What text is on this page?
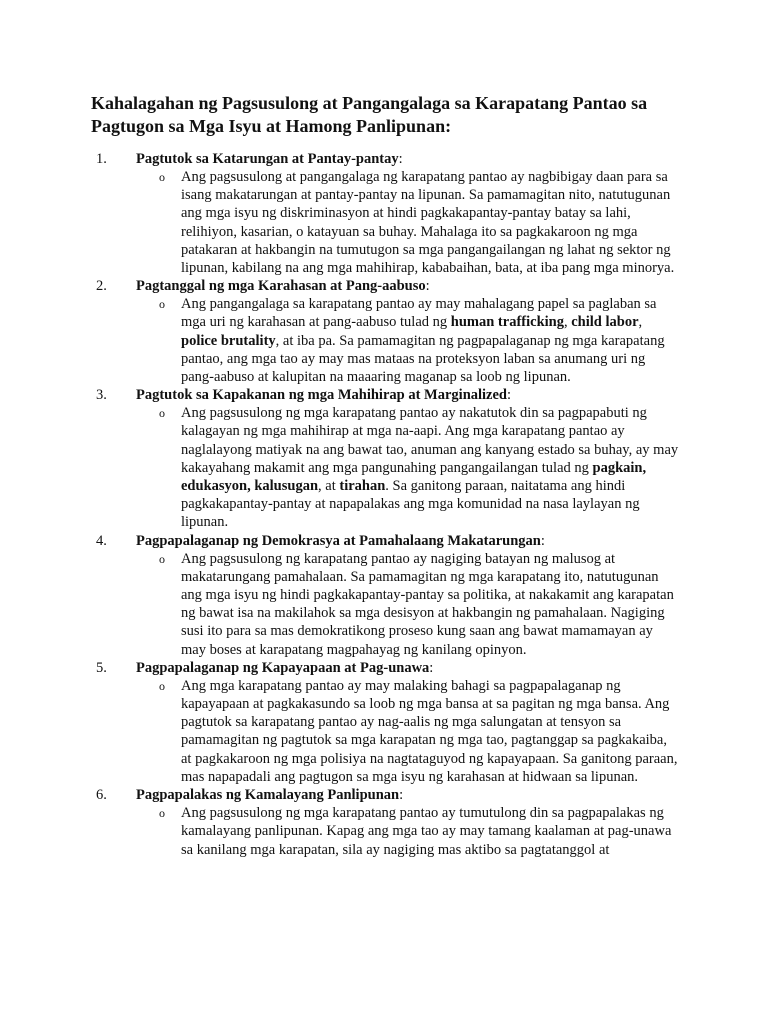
Kahalagahan ng Pagsusulong at Pangangalaga sa Karapatang Pantao sa Pagtugon sa Mga Isyu at Hamong Panlipunan:
1.	Pagtutok sa Katarungan at Pantay-pantay:
o Ang pagsusulong at pangangalaga ng karapatang pantao ay nagbibigay daan para sa isang makatarungan at pantay-pantay na lipunan. Sa pamamagitan nito, natutugunan ang mga isyu ng diskriminasyon at hindi pagkakapantay-pantay batay sa lahi, relihiyon, kasarian, o katayuan sa buhay. Mahalaga ito sa pagkakaroon ng mga patakaran at hakbangin na tumutugon sa mga pangangailangan ng lahat ng sektor ng lipunan, kabilang na ang mga mahihirap, kababaihan, bata, at iba pang mga minorya.
2.	Pagtanggal ng mga Karahasan at Pang-aabuso:
o Ang pangangalaga sa karapatang pantao ay may mahalagang papel sa paglaban sa mga uri ng karahasan at pang-aabuso tulad ng human trafficking, child labor, police brutality, at iba pa. Sa pamamagitan ng pagpapalaganap ng mga karapatang pantao, ang mga tao ay may mas mataas na proteksyon laban sa anumang uri ng pang-aabuso at kalupitan na maaaring maganap sa loob ng lipunan.
3.	Pagtutok sa Kapakanan ng mga Mahihirap at Marginalized:
o Ang pagsusulong ng mga karapatang pantao ay nakatutok din sa pagpapabuti ng kalagayan ng mga mahihirap at mga na-aapi. Ang mga karapatang pantao ay naglalayong matiyak na ang bawat tao, anuman ang kanyang estado sa buhay, ay may kakayahang makamit ang mga pangunahing pangangailangan tulad ng pagkain, edukasyon, kalusugan, at tirahan. Sa ganitong paraan, naitatama ang hindi pagkakapantay-pantay at napapalakas ang mga komunidad na nasa laylayan ng lipunan.
4.	Pagpapalaganap ng Demokrasya at Pamahalaang Makatarungan:
o Ang pagsusulong ng karapatang pantao ay nagiging batayan ng malusog at makatarungang pamahalaan. Sa pamamagitan ng mga karapatang ito, natutugunan ang mga isyu ng hindi pagkakapantay-pantay sa politika, at nakakamit ang karapatan ng bawat isa na makilahok sa mga desisyon at hakbangin ng pamahalaan. Nagiging susi ito para sa mas demokratikong proseso kung saan ang bawat mamamayan ay may boses at karapatang magpahayag ng kanilang opinyon.
5.	Pagpapalaganap ng Kapayapaan at Pag-unawa:
o Ang mga karapatang pantao ay may malaking bahagi sa pagpapalaganap ng kapayapaan at pagkakasundo sa loob ng mga bansa at sa pagitan ng mga bansa. Ang pagtutok sa karapatang pantao ay nag-aalis ng mga salungatan at tensyon sa pamamagitan ng pagtutok sa mga karapatan ng mga tao, pagtanggap sa pagkakaiba, at pagkakaroon ng mga polisiya na nagtataguyod ng kapayapaan. Sa ganitong paraan, mas napapadali ang pagtugon sa mga isyu ng karahasan at hidwaan sa lipunan.
6.	Pagpapalakas ng Kamalayang Panlipunan:
o Ang pagsusulong ng mga karapatang pantao ay tumutulong din sa pagpapalakas ng kamalayang panlipunan. Kapag ang mga tao ay may tamang kaalaman at pag-unawa sa kanilang mga karapatan, sila ay nagiging mas aktibo sa pagtatanggol at
